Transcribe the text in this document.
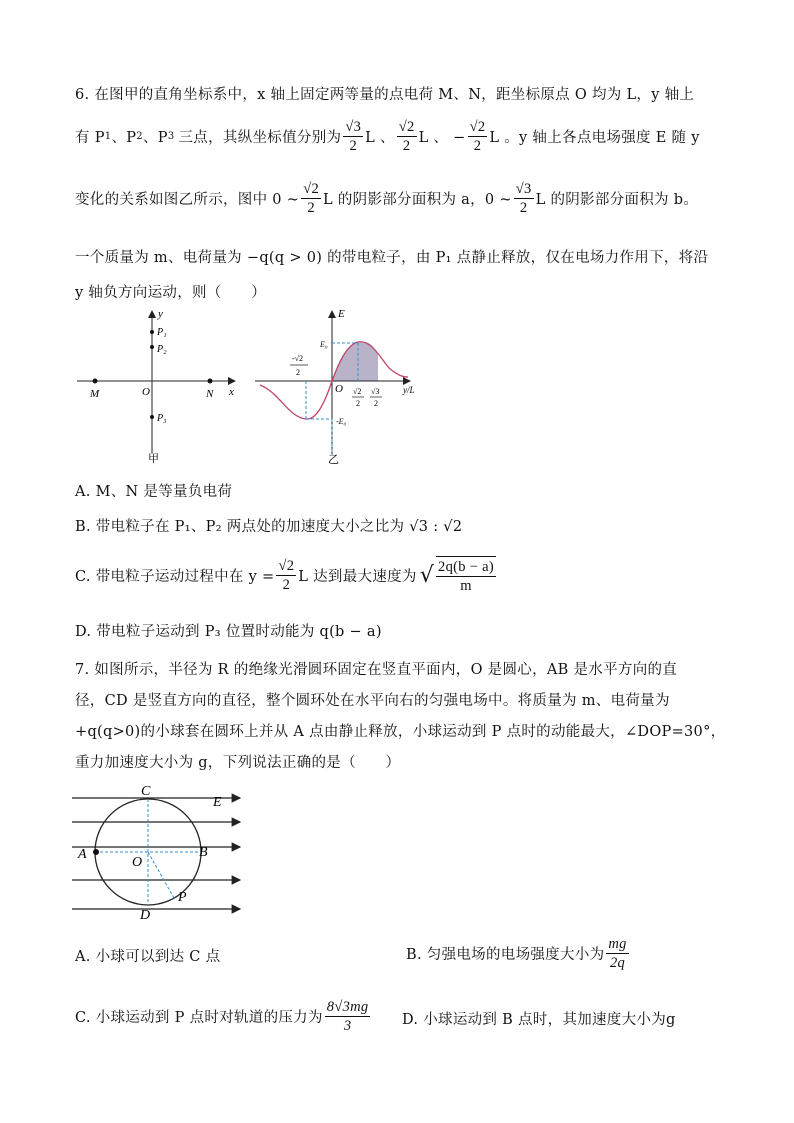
6. 在图甲的直角坐标系中，x 轴上固定两等量的点电荷 M、N，距坐标原点 O 均为 L，y 轴上
有 P 1 、P 2 、P 3 三点，其纵坐标值分别为 $\frac{√3}{2}$ L 、 $\frac{√2}{2}$ L 、 − $\frac{√2}{2}$ L 。y 轴上各点电场强度 E 随 y
变化的关系如图乙所示，图中 0 ~ $\frac{√2}{2}$ L 的阴影部分面积为 a，0 ~ $\frac{√3}{2}$ L 的阴影部分面积为 b。
一个质量为 m、电荷量为 −q(q > 0) 的带电粒子，由 P₁ 点静止释放，仅在电场力作用下，将沿
y 轴负方向运动，则（　　）
y
x
O
M	N
P₁
P₂
P₃
甲
E
E₀
-E₀
O	y/L
-√2
2
√2
2
√3
2
乙
A. M、N 是等量负电荷
B. 带电粒子在 P₁、P₂ 两点处的加速度大小之比为 √3 : √2
C. 带电粒子运动过程中在 $y = \frac{√2}{2}$ L 达到最大速度为 √ $\frac{2q(b - a)}{m}$
D. 带电粒子运动到 P₃ 位置时动能为 q(b − a)
7. 如图所示，半径为 R 的绝缘光滑圆环固定在竖直平面内，O 是圆心，AB 是水平方向的直
径，CD 是竖直方向的直径，整个圆环处在水平向右的匀强电场中。将质量为 m、电荷量为
+q(q>0)的小球套在圆环上并从 A 点由静止释放，小球运动到 P 点时的动能最大，∠DOP=30°，
重力加速度大小为 g，下列说法正确的是（　　）
C
E
A
O
B
P
D
A. 小球可以到达 C 点	B. 匀强电场的电场强度大小为 $\frac{mg}{2q}$
C. 小球运动到 P 点时对轨道的压力为 $\frac{8√3mg}{3} D$. 小球运动到 B 点时，其加速度大小为g
